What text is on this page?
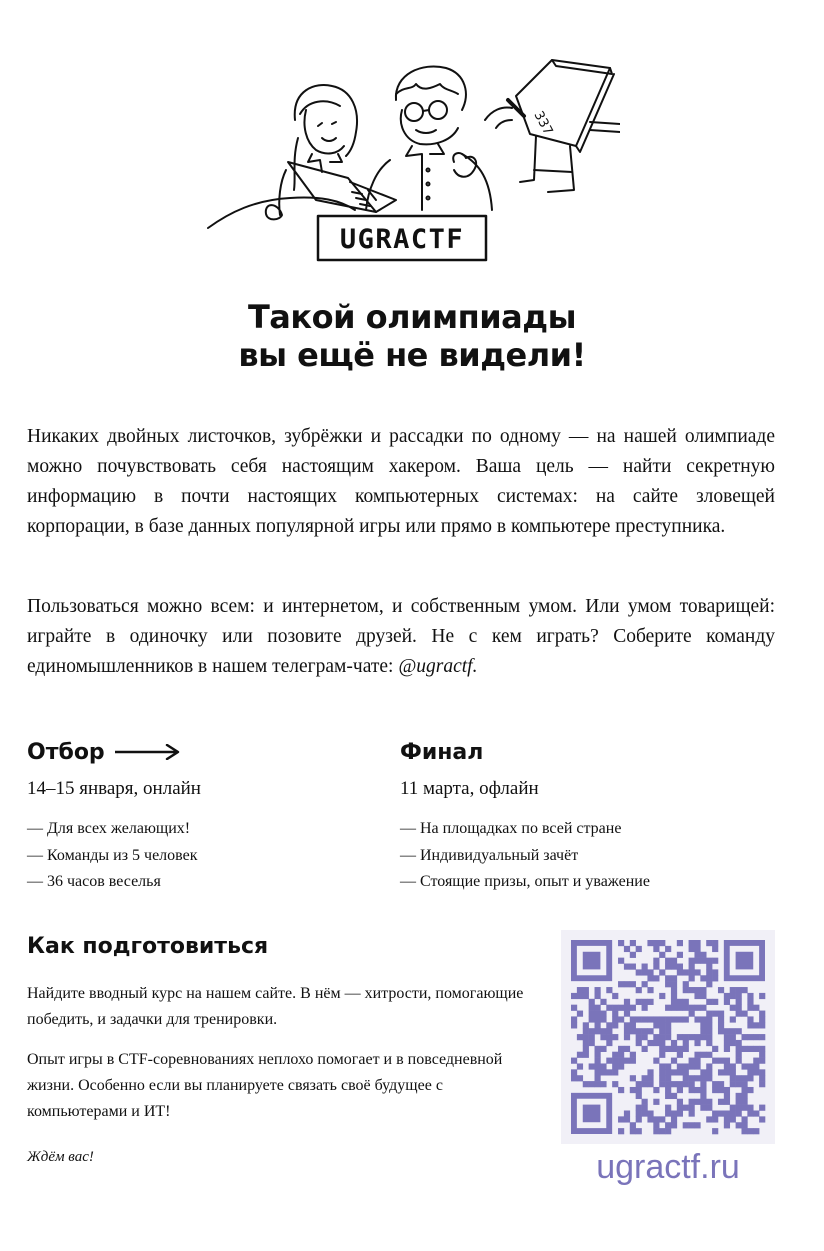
337
UGRACTF
Такой олимпиады
вы ещё не видели!

Никаких двойных листочков, зубрёжки и рассадки по одному — на нашей олимпиаде можно почувствовать себя настоящим хакером. Ваша цель — найти секретную информацию в почти настоящих компьютерных системах: на сайте зловещей корпорации, в базе данных популярной игры или прямо в компьютере преступника.

Пользоваться можно всем: и интернетом, и собственным умом. Или умом товарищей: играйте в одиночку или позовите друзей. Не с кем играть? Соберите команду единомышленников в нашем телеграм-чате: @ugractf.

Отбор
14–15 января, онлайн
— Для всех желающих!
— Команды из 5 человек
— 36 часов веселья
Финал
11 марта, офлайн
— На площадках по всей стране
— Индивидуальный зачёт
— Стоящие призы, опыт и уважение
Как подготовиться

Найдите вводный курс на нашем сайте. В нём — хитрости, помогающие победить, и задачки для тренировки.

Опыт игры в CTF-соревнованиях неплохо помогает и в повседневной жизни. Особенно если вы планируете связать своё будущее с компьютерами и ИТ!

Ждём вас!	ugractf.ru
